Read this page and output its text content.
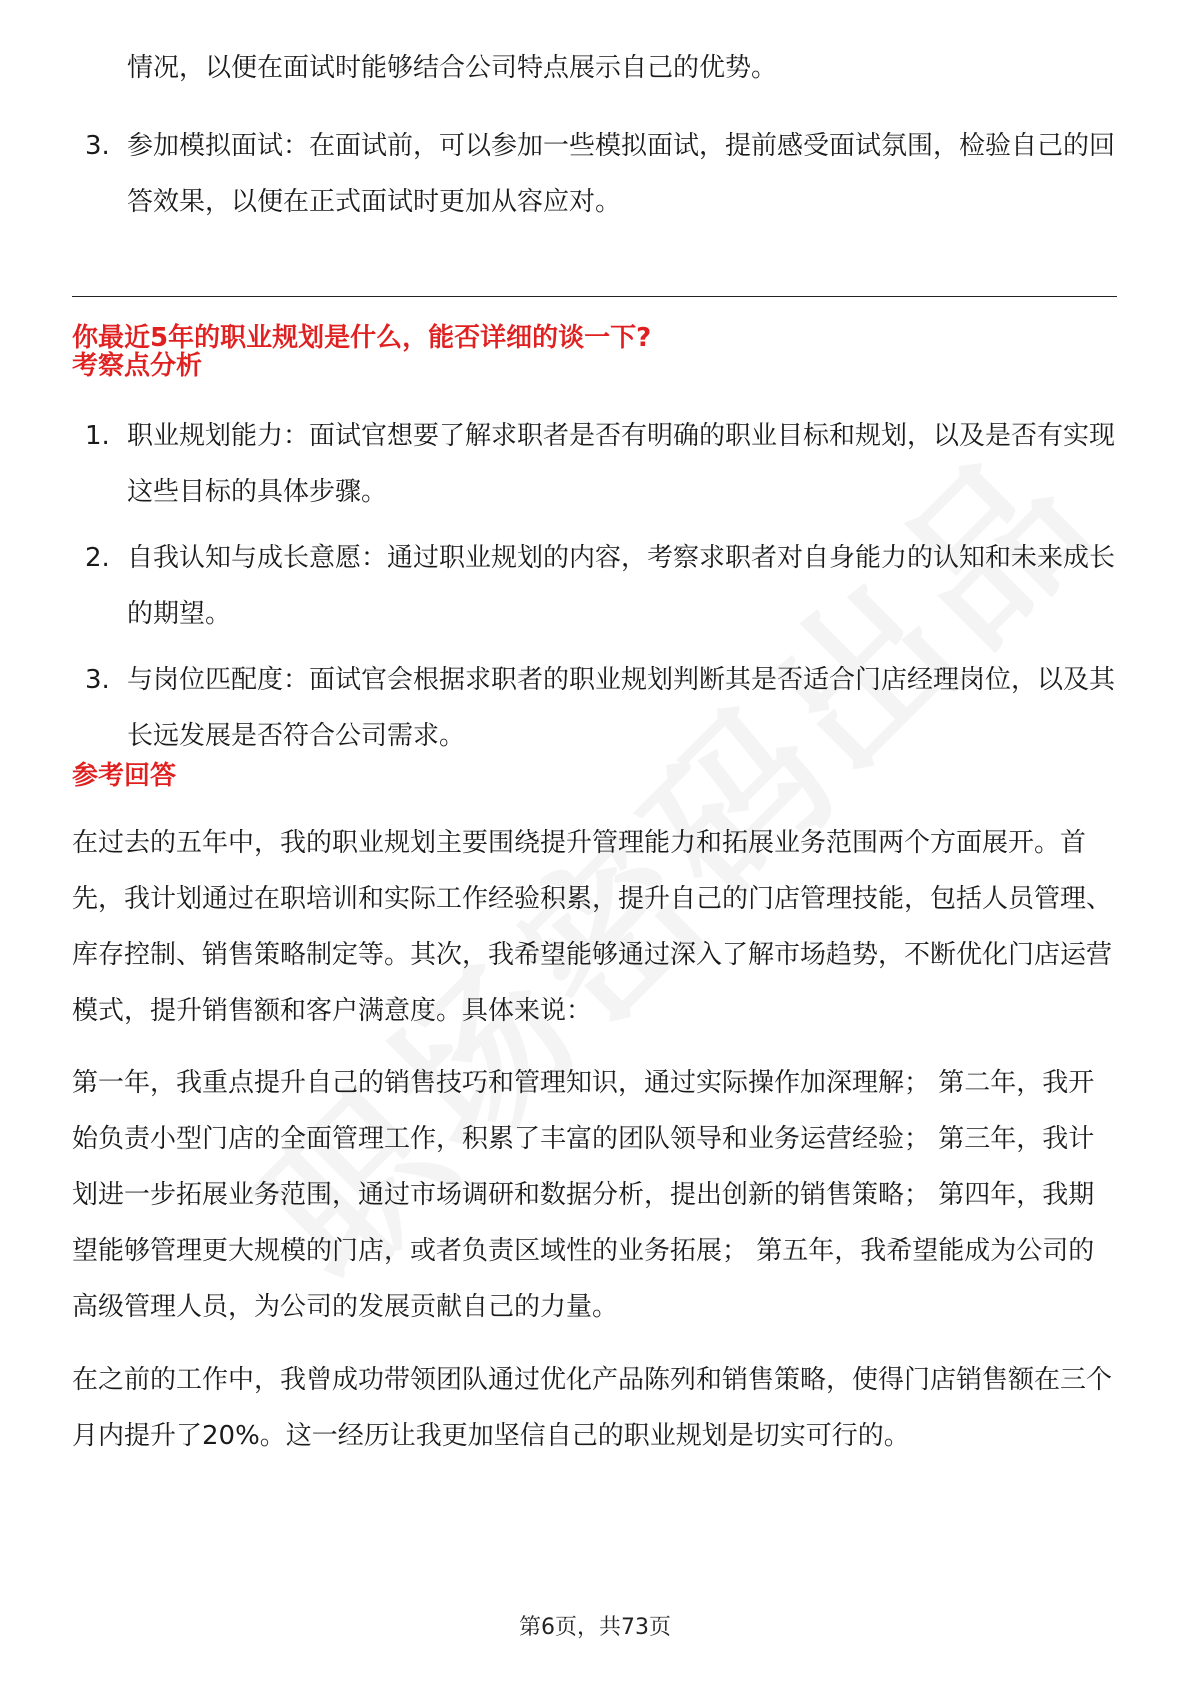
情况，以便在面试时能够结合公司特点展示自己的优势。
3. 参加模拟面试：在面试前，可以参加一些模拟面试，提前感受面试氛围，检验自己的回答效果，以便在正式面试时更加从容应对。
你最近5年的职业规划是什么，能否详细的谈一下?
考察点分析
1. 职业规划能力：面试官想要了解求职者是否有明确的职业目标和规划，以及是否有实现这些目标的具体步骤。
2. 自我认知与成长意愿：通过职业规划的内容，考察求职者对自身能力的认知和未来成长的期望。
3. 与岗位匹配度：面试官会根据求职者的职业规划判断其是否适合门店经理岗位，以及其长远发展是否符合公司需求。
参考回答

在过去的五年中，我的职业规划主要围绕提升管理能力和拓展业务范围两个方面展开。首先，我计划通过在职培训和实际工作经验积累，提升自己的门店管理技能，包括人员管理、库存控制、销售策略制定等。其次，我希望能够通过深入了解市场趋势，不断优化门店运营模式，提升销售额和客户满意度。具体来说：

第一年，我重点提升自己的销售技巧和管理知识，通过实际操作加深理解； 第二年，我开始负责小型门店的全面管理工作，积累了丰富的团队领导和业务运营经验； 第三年，我计划进一步拓展业务范围，通过市场调研和数据分析，提出创新的销售策略； 第四年，我期望能够管理更大规模的门店，或者负责区域性的业务拓展； 第五年，我希望能成为公司的高级管理人员，为公司的发展贡献自己的力量。

在之前的工作中，我曾成功带领团队通过优化产品陈列和销售策略，使得门店销售额在三个月内提升了20%。这一经历让我更加坚信自己的职业规划是切实可行的。

第6页，共73页
